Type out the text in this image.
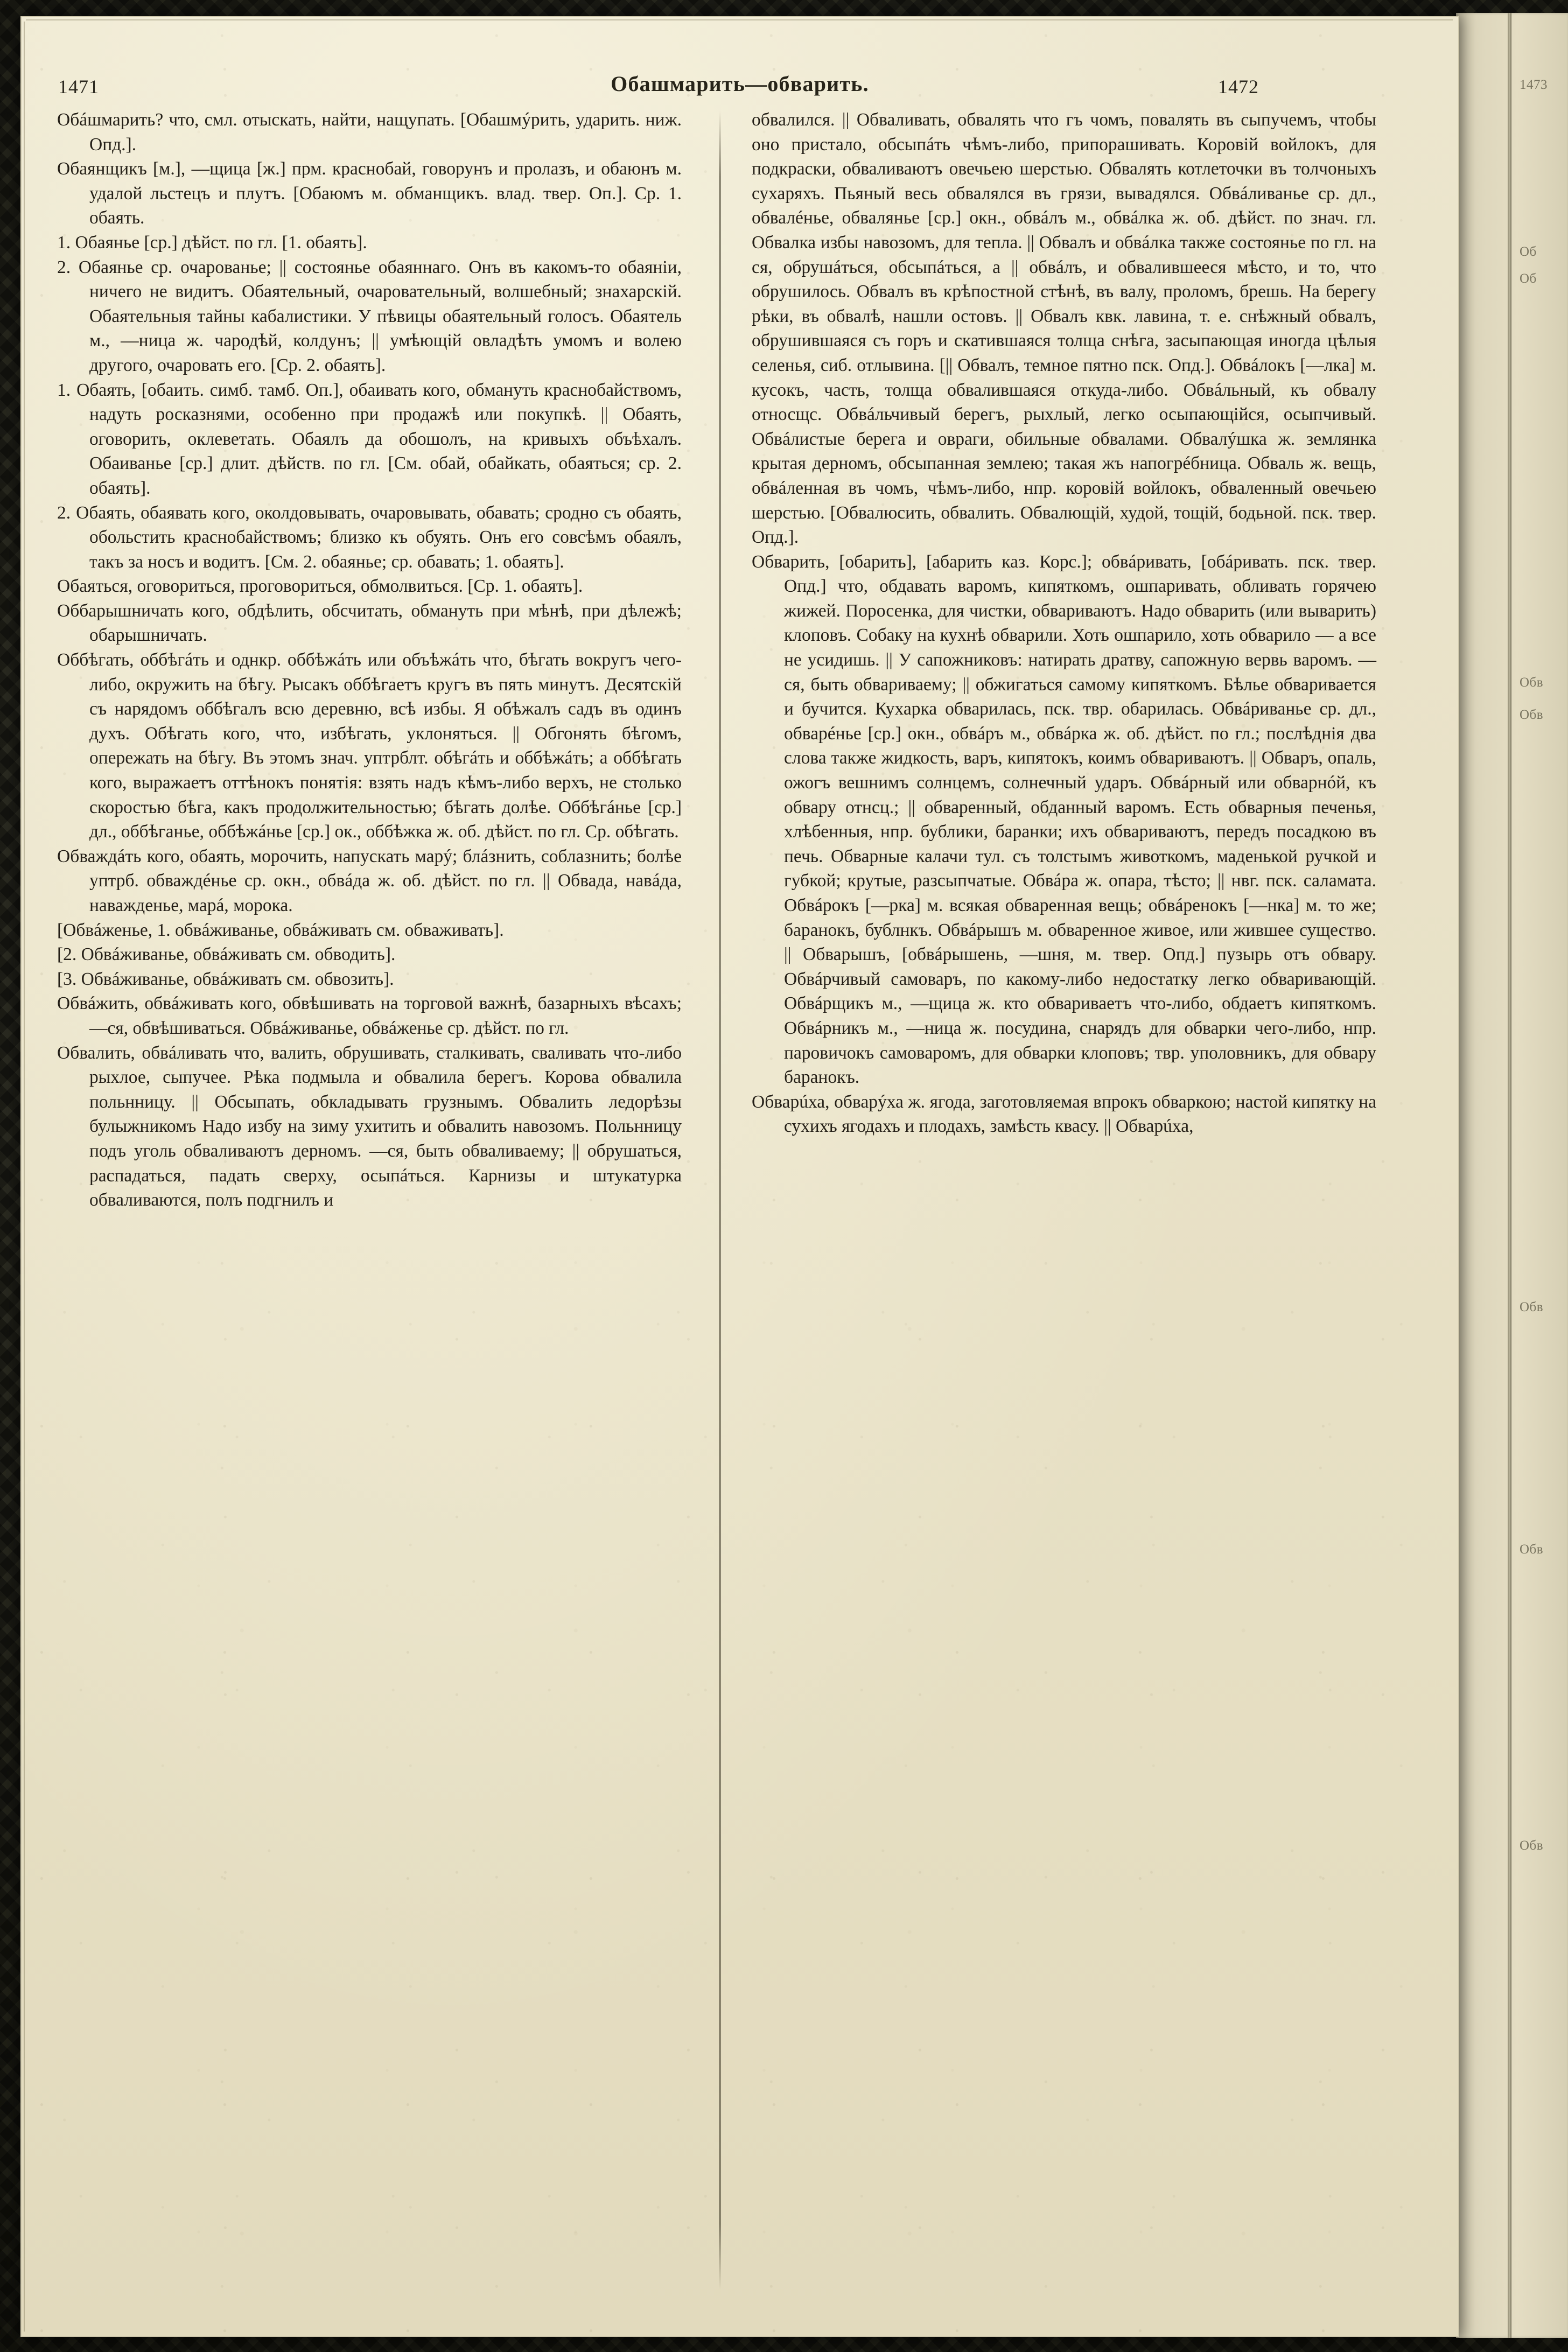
1473
Об
Об
Обв
Обв
Обв
Обв
Обв
1471	Обашмарить—обварить.	1472

Обáшмарить? что, смл. отыскать, найти, нащупать. [Обашмýрить, ударить. ниж. Опд.].

Обаянщикъ [м.], —щица [ж.] прм. краснобай, говорунъ и пролазъ, и обаюнъ м. удалой льстецъ и плутъ. [Обаюмъ м. обманщикъ. влад. твер. Оп.]. Ср. 1. обаять.

1. Обаянье [ср.] дѣйст. по гл. [1. обаять].

2. Обаянье ср. очарованье; || состоянье обаяннаго. Онъ въ какомъ-то обаянiи, ничего не видитъ. Обаятельный, очаровательный, волшебный; знахарскiй. Обаятельныя тайны кабалистики. У пѣвицы обаятельный голосъ. Обаятель м., —ница ж. чародѣй, колдунъ; || умѣющiй овладѣть умомъ и волею другого, очаровать его. [Ср. 2. обаять].

1. Обаять, [обаить. симб. тамб. Оп.], обаивать кого, обмануть краснобайствомъ, надуть росказнями, особенно при продажѣ или покупкѣ. || Обаять, оговорить, оклеветать. Обаялъ да обошолъ, на кривыхъ объѣхалъ. Обаиванье [ср.] длит. дѣйств. по гл. [См. обай, обайкать, обаяться; ср. 2. обаять].

2. Обаять, обаявать кого, околдовывать, очаровывать, обавать; сродно съ обаять, обольстить краснобайствомъ; близко къ обуять. Онъ его совсѣмъ обаялъ, такъ за носъ и водитъ. [См. 2. обаянье; ср. обавать; 1. обаять].

Обаяться, оговориться, проговориться, обмолвиться. [Ср. 1. обаять].

Оббарышничать кого, обдѣлить, обсчитать, обмануть при мѣнѣ, при дѣлежѣ; обарышничать.

Оббѣгать, оббѣгáть и однкр. оббѣжáть или объѣжáть что, бѣгать вокругъ чего-либо, окружить на бѣгу. Рысакъ оббѣгаетъ кругъ въ пять минутъ. Десятскiй съ нарядомъ оббѣгалъ всю деревню, всѣ избы. Я обѣжалъ садъ въ одинъ духъ. Обѣгать кого, что, избѣгать, уклоняться. || Обгонять бѣгомъ, опережать на бѣгу. Въ этомъ знач. уптрблт. обѣгáть и оббѣжáть; а оббѣгать кого, выражаетъ оттѣнокъ понятiя: взять надъ кѣмъ-либо верхъ, не столько скоростью бѣга, какъ продолжительностью; бѣгать долѣе. Оббѣгáнье [ср.] дл., оббѣганье, оббѣжáнье [ср.] ок., оббѣжка ж. об. дѣйст. по гл. Ср. обѣгать.

Обваждáть кого, обаять, морочить, напускать марý; блáзнить, соблазнить; болѣе уптрб. обваждéнье ср. окн., обвáда ж. об. дѣйст. по гл. || Обвада, навáда, наважденье, марá, морока.

[Обвáженье, 1. обвáживанье, обвáживать см. обваживать].

[2. Обвáживанье, обвáживать см. обводить].

[3. Обвáживанье, обвáживать см. обвозить].

Обвáжить, обвáживать кого, обвѣшивать на торговой важнѣ, базарныхъ вѣсахъ; —ся, обвѣшиваться. Обвáживанье, обвáженье ср. дѣйст. по гл.

Обвалить, обвáливать что, валить, обрушивать, сталкивать, сваливать что-либо рыхлое, сыпучее. Рѣка подмыла и обвалила берегъ. Корова обвалила польнницу. || Обсыпать, обкладывать грузнымъ. Обвалить ледорѣзы булыжникомъ Надо избу на зиму ухитить и обвалить навозомъ. Польнницу подъ уголь обваливаютъ дерномъ. —ся, быть обваливаему; || обрушаться, распадаться, падать сверху, осыпáться. Карнизы и штукатурка обваливаются, полъ подгнилъ и

обвалился. || Обваливать, обвалять что гъ чомъ, повалять въ сыпучемъ, чтобы оно пристало, обсыпáть чѣмъ-либо, припорашивать. Коровiй войлокъ, для подкраски, обваливаютъ овечьею шерстью. Обвалять котлеточки въ толчоныхъ сухаряхъ. Пьяный весь обвалялся въ грязи, вывадялся. Обвáливанье ср. дл., обвалéнье, обвалянье [ср.] окн., обвáлъ м., обвáлка ж. об. дѣйст. по знач. гл. Обвалка избы навозомъ, для тепла. || Обвалъ и обвáлка также состоянье по гл. на ся, обрушáться, обсыпáться, а || обвáлъ, и обвалившееся мѣсто, и то, что обрушилось. Обвалъ въ крѣпостной стѣнѣ, въ валу, проломъ, брешь. На берегу рѣки, въ обвалѣ, нашли остовъ. || Обвалъ квк. лавина, т. е. снѣжный обвалъ, обрушившаяся съ горъ и скатившаяся толща снѣга, засыпающая иногда цѣлыя селенья, сиб. отлывина. [|| Обвалъ, темное пятно пск. Опд.]. Обвáлокъ [—лка] м. кусокъ, часть, толща обвалившаяся откуда-либо. Обвáльный, къ обвалу относщс. Обвáльчивый берегъ, рыхлый, легко осыпающiйся, осыпчивый. Обвáлистые берега и овраги, обильные обвалами. Обвалýшка ж. землянка крытая дерномъ, обсыпанная землею; такая жъ напогрéбница. Обваль ж. вещь, обвáленная въ чомъ, чѣмъ-либо, нпр. коровiй войлокъ, обваленный овечьею шерстью. [Обвалюсить, обвалить. Обвалющiй, худой, тощiй, бодьной. пск. твер. Опд.].

Обварить, [обарить], [абарить каз. Корс.]; обвáривать, [обáривать. пск. твер. Опд.] что, обдавать варомъ, кипяткомъ, ошпаривать, обливать горячею жижей. Поросенка, для чистки, обвариваютъ. Надо обварить (или выварить) клоповъ. Собаку на кухнѣ обварили. Хоть ошпарило, хоть обварило — а все не усидишь. || У сапожниковъ: натирать дратву, сапожную вервь варомъ. —ся, быть обвариваему; || обжигаться самому кипяткомъ. Бѣлье обваривается и бучится. Кухарка обварилась, пск. твр. обарилась. Обвáриванье ср. дл., обварéнье [ср.] окн., обвáръ м., обвáрка ж. об. дѣйст. по гл.; послѣднiя два слова также жидкость, варъ, кипятокъ, коимъ обвариваютъ. || Обваръ, опаль, ожогъ вешнимъ солнцемъ, солнечный ударъ. Обвáрный или обварнóй, къ обвару отнсц.; || обваренный, обданный варомъ. Есть обварныя печенья, хлѣбенныя, нпр. бублики, баранки; ихъ обвариваютъ, передъ посадкою въ печь. Обварные калачи тул. съ толстымъ животкомъ, маденькой ручкой и губкой; крутые, разсыпчатые. Обвáра ж. опара, тѣсто; || нвг. пск. саламата. Обвáрокъ [—рка] м. всякая обваренная вещь; обвáренокъ [—нка] м. то же; баранокъ, бублнкъ. Обвáрышъ м. обваренное живое, или жившее существо. || Обварышъ, [обвáрышень, —шня, м. твер. Опд.] пузырь отъ обвару. Обвáрчивый самоваръ, по какому-либо недостатку легко обваривающiй. Обвáрщикъ м., —щица ж. кто обвариваетъ что-либо, обдаетъ кипяткомъ. Обвáрникъ м., —ница ж. посудина, снарядъ для обварки чего-либо, нпр. паровичокъ самоваромъ, для обварки клоповъ; твр. уполовникъ, для обвару баранокъ.

Обварúха, обварýха ж. ягода, заготовляемая впрокъ обваркою; настой кипятку на сухихъ ягодахъ и плодахъ, замѣсть квасу. || Обварúха,
